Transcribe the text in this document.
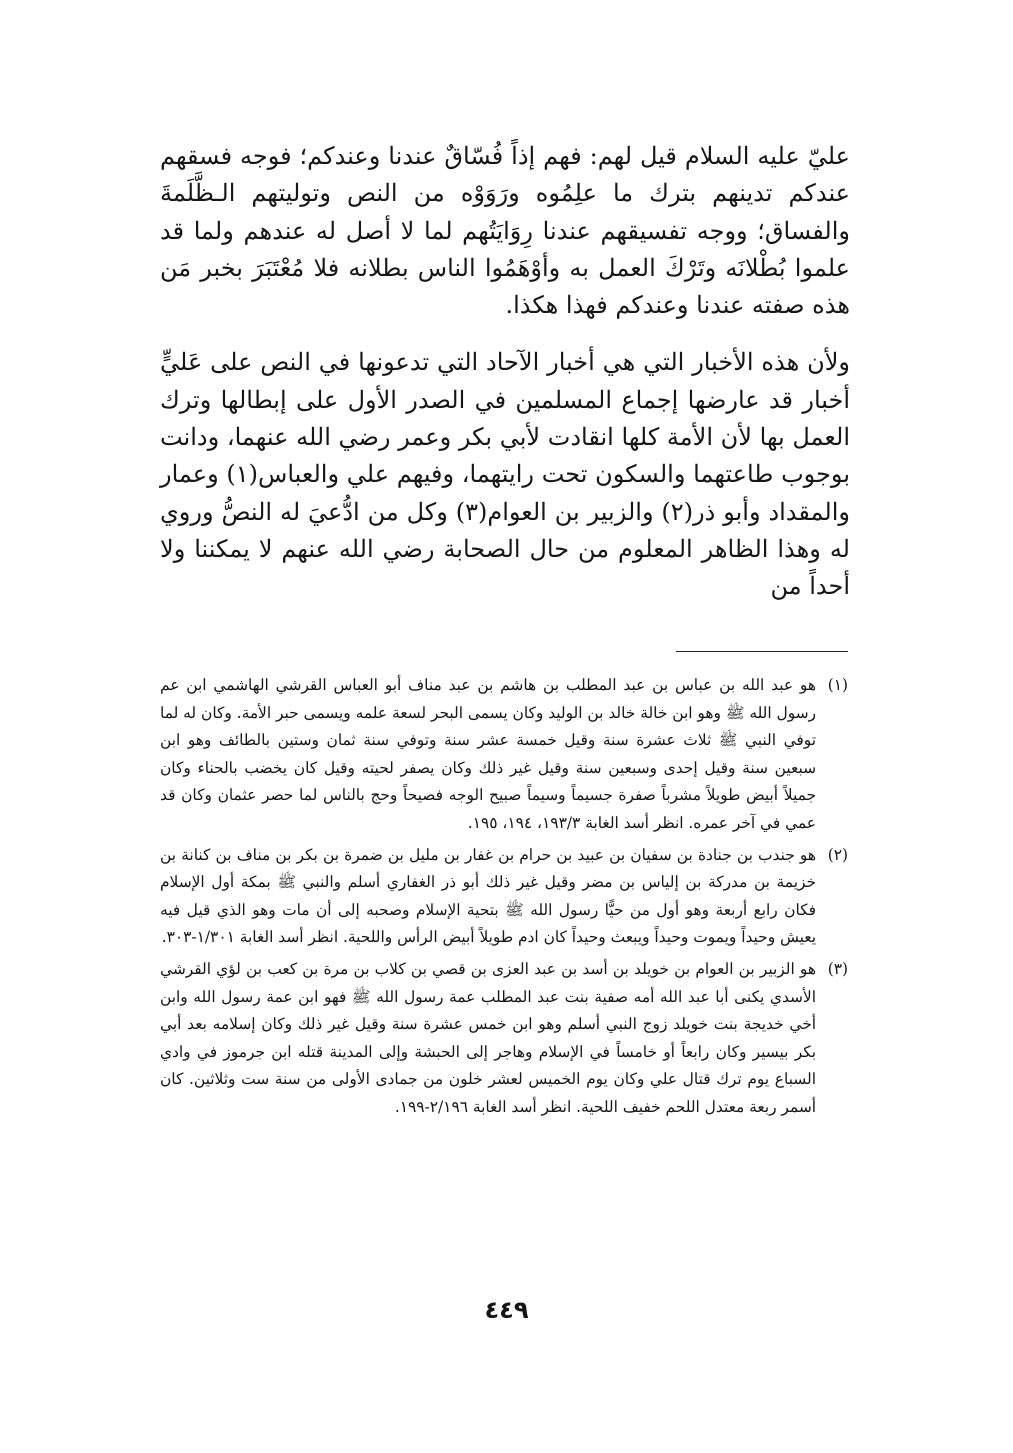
عليّ عليه السلام قيل لهم: فهم إذاً فُسّاقٌ عندنا وعندكم؛ فوجه فسقهم عندكم تدينهم بترك ما علِمُوه ورَوَوْه من النص وتوليتهم الـظَّلَمةَ والفساق؛ ووجه تفسيقهم عندنا رِوَايَتُهم لما لا أصل له عندهم ولما قد علموا بُطْلانَه وتَرْكَ العمل به وأوْهَمُوا الناس بطلانه فلا مُعْتَبَرَ بخبر مَن هذه صفته عندنا وعندكم فهذا هكذا.

ولأن هذه الأخبار التي هي أخبار الآحاد التي تدعونها في النص على عَليٍّ أخبار قد عارضها إجماع المسلمين في الصدر الأول على إبطالها وترك العمل بها لأن الأمة كلها انقادت لأبي بكر وعمر رضي الله عنهما، ودانت بوجوب طاعتهما والسكون تحت رايتهما، وفيهم علي والعباس(١) وعمار والمقداد وأبو ذر(٢) والزبير بن العوام(٣) وكل من ادُّعيَ له النصُّ وروي له وهذا الظاهر المعلوم من حال الصحابة رضي الله عنهم لا يمكننا ولا أحداً من

(١)
هو عبد الله بن عباس بن عبد المطلب بن هاشم بن عبد مناف أبو العباس القرشي الهاشمي ابن عم رسول الله ﷺ وهو ابن خالة خالد بن الوليد وكان يسمى البحر لسعة علمه ويسمى حبر الأمة. وكان له لما توفي النبي ﷺ ثلاث عشرة سنة وقيل خمسة عشر سنة وتوفي سنة ثمان وستين بالطائف وهو ابن سبعين سنة وقيل إحدى وسبعين سنة وقيل غير ذلك وكان يصفر لحيته وقيل كان يخضب بالحناء وكان جميلاً أبيض طويلاً مشرباً صفرة جسيماً وسيماً صبيح الوجه فصيحاً وحج بالناس لما حصر عثمان وكان قد عمي في آخر عمره. انظر أسد الغابة ١٩٣/٣، ١٩٤، ١٩٥.
(٢)
هو جندب بن جنادة بن سفيان بن عبيد بن حرام بن غفار بن مليل بن ضمرة بن بكر بن مناف بن كنانة بن خزيمة بن مدركة بن إلياس بن مضر وقيل غير ذلك أبو ذر الغفاري أسلم والنبي ﷺ بمكة أول الإسلام فكان رابع أربعة وهو أول من حيًّا رسول الله ﷺ بتحية الإسلام وصحبه إلى أن مات وهو الذي قيل فيه يعيش وحيداً ويموت وحيداً ويبعث وحيداً كان ادم طويلاً أبيض الرأس واللحية. انظر أسد الغابة ١/٣٠١-٣٠٣.
(٣)
هو الزبير بن العوام بن خويلد بن أسد بن عبد العزى بن قصي بن كلاب بن مرة بن كعب بن لؤي القرشي الأسدي يكنى أبا عبد الله أمه صفية بنت عبد المطلب عمة رسول الله ﷺ فهو ابن عمة رسول الله وابن أخي خديجة بنت خويلد زوج النبي أسلم وهو ابن خمس عشرة سنة وقيل غير ذلك وكان إسلامه بعد أبي بكر بيسير وكان رابعاً أو خامساً في الإسلام وهاجر إلى الحبشة وإلى المدينة قتله ابن جرموز في وادي السباع يوم ترك قتال علي وكان يوم الخميس لعشر خلون من جمادى الأولى من سنة ست وثلاثين. كان أسمر ربعة معتدل اللحم خفيف اللحية. انظر أسد الغابة ٢/١٩٦-١٩٩.
٤٤٩
